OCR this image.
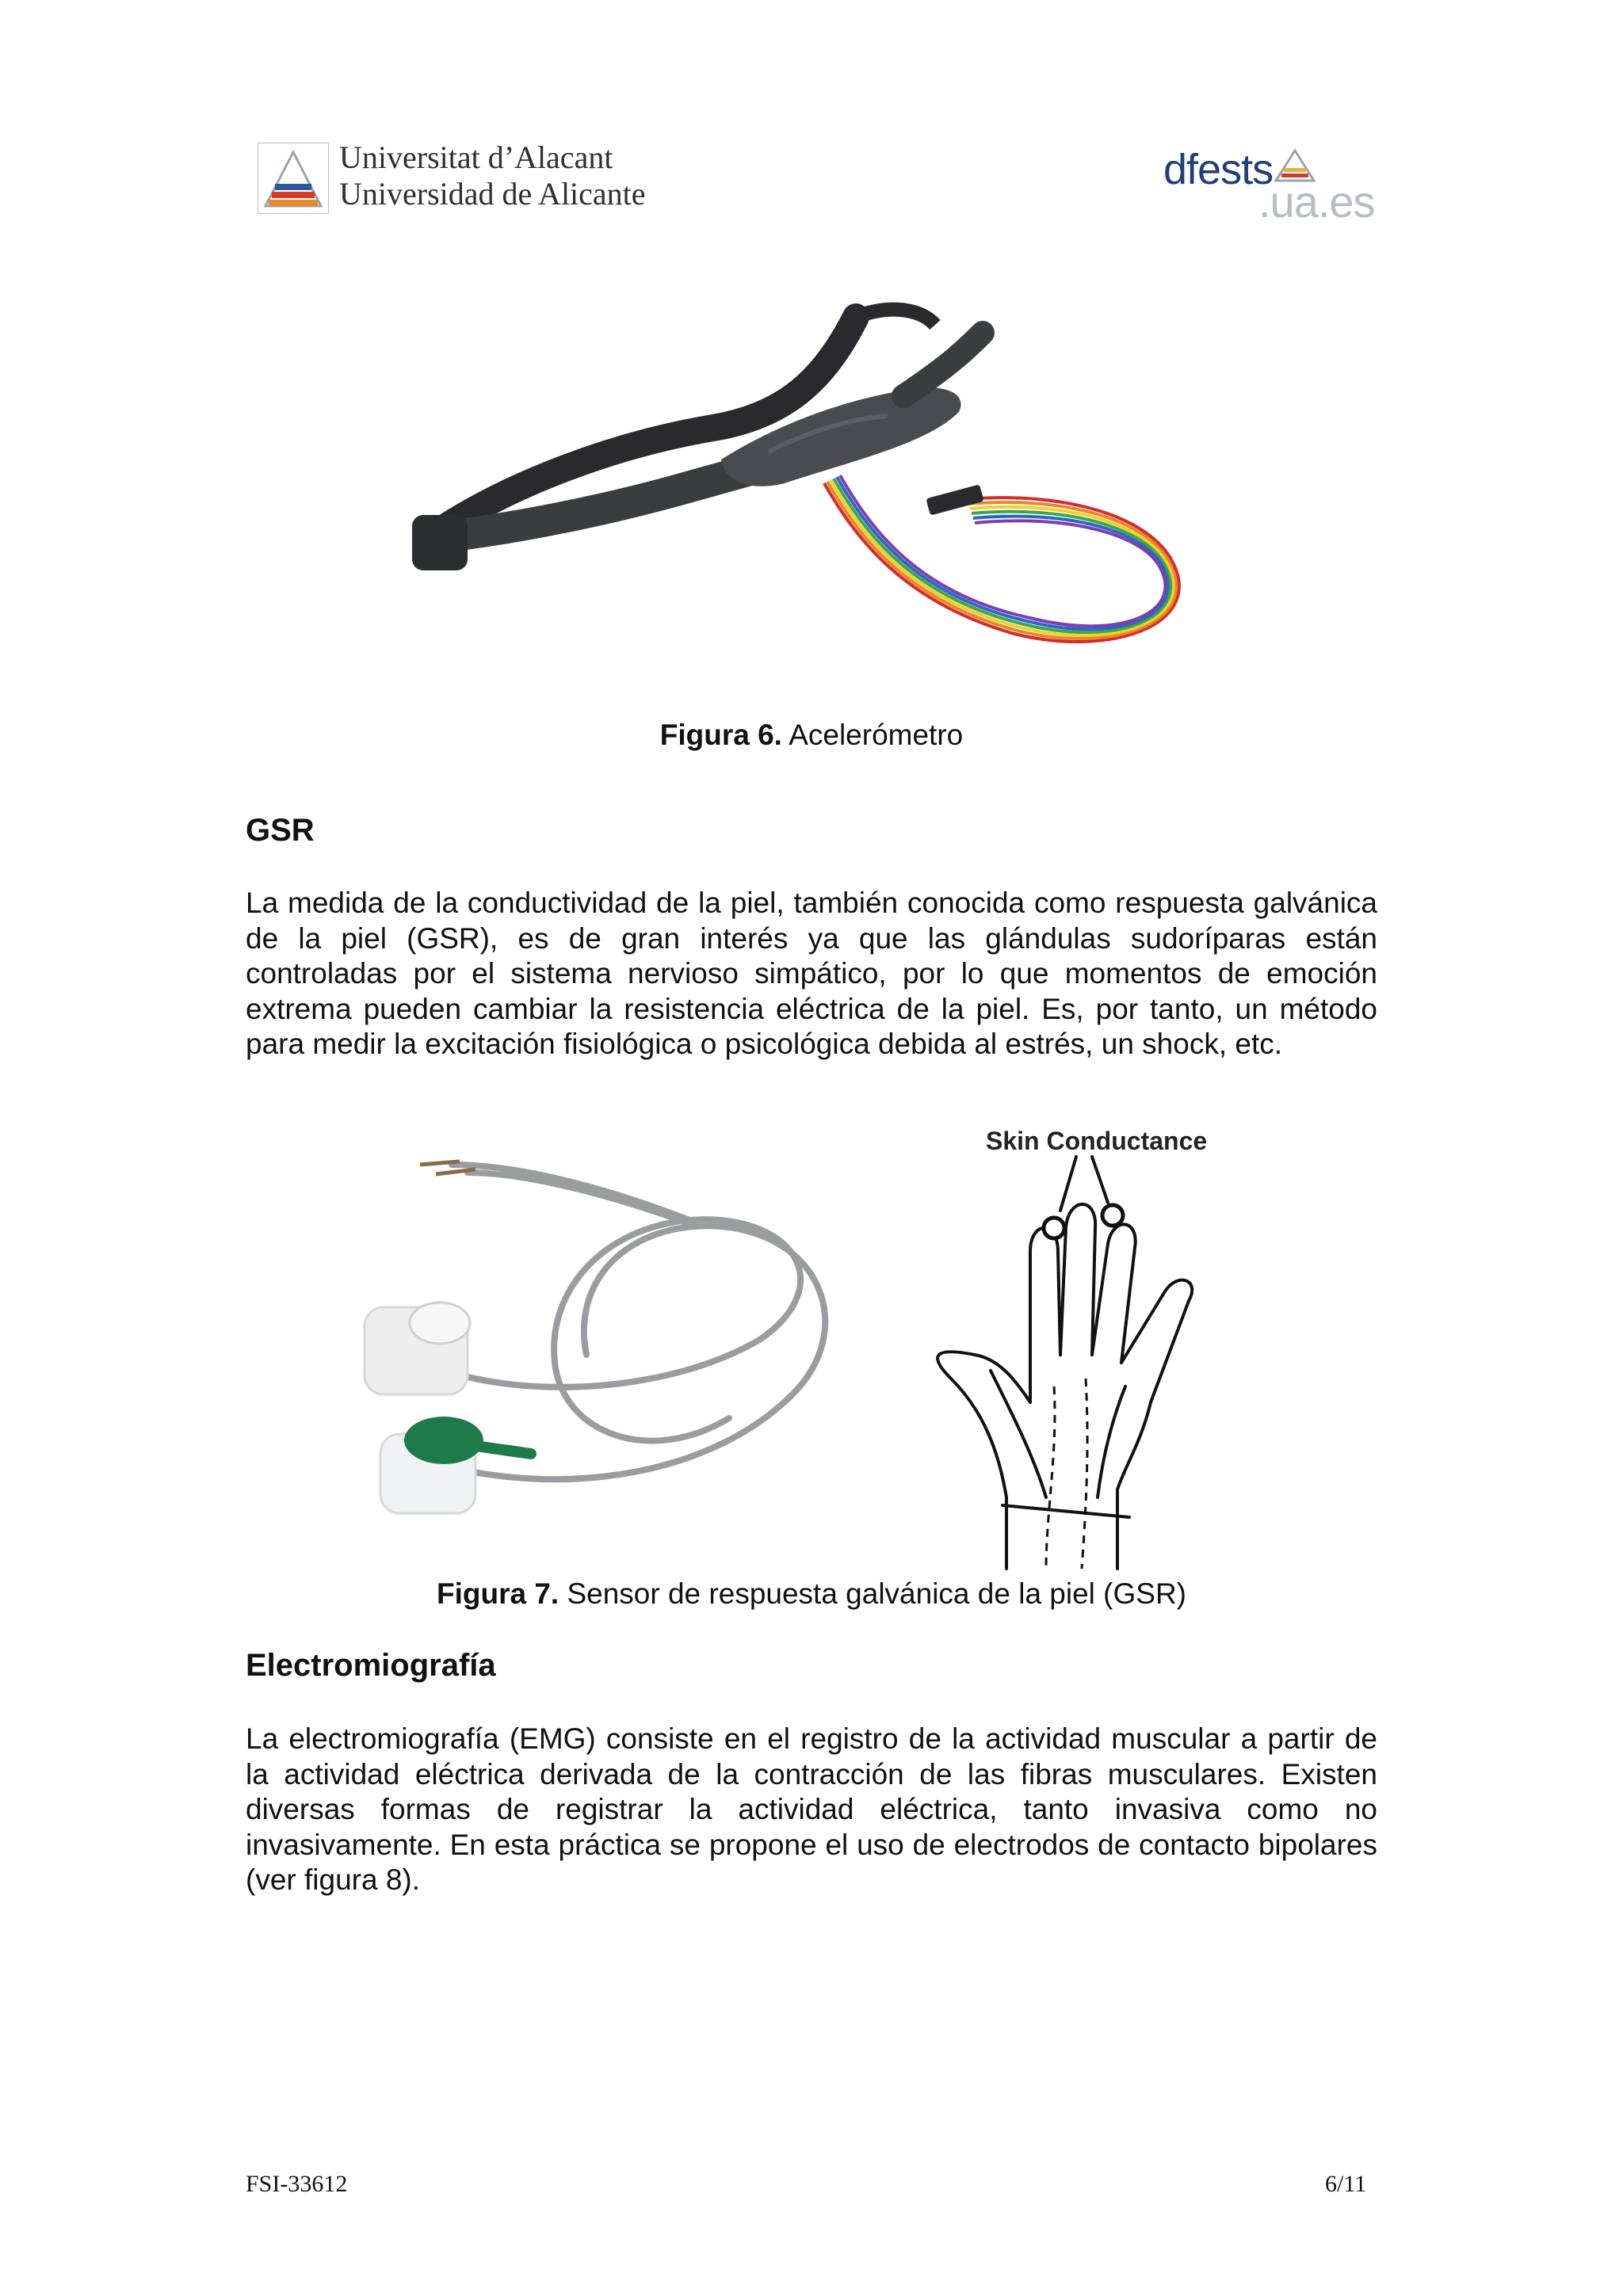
Universitat d’Alacant
Universidad de Alicante
dfests
.ua.es
Figura 6. Acelerómetro
GSR
La medida de la conductividad de la piel, también conocida como respuesta galvánica de la piel (GSR), es de gran interés ya que las glándulas sudoríparas están controladas por el sistema nervioso simpático, por lo que momentos de emoción extrema pueden cambiar la resistencia eléctrica de la piel. Es, por tanto, un método para medir la excitación fisiológica o psicológica debida al estrés, un shock, etc.
Skin Conductance
Figura 7. Sensor de respuesta galvánica de la piel (GSR)
Electromiografía
La electromiografía (EMG) consiste en el registro de la actividad muscular a partir de la actividad eléctrica derivada de la contracción de las fibras musculares. Existen diversas formas de registrar la actividad eléctrica, tanto invasiva como no invasivamente. En esta práctica se propone el uso de electrodos de contacto bipolares (ver figura 8).
FSI-33612	6/11
